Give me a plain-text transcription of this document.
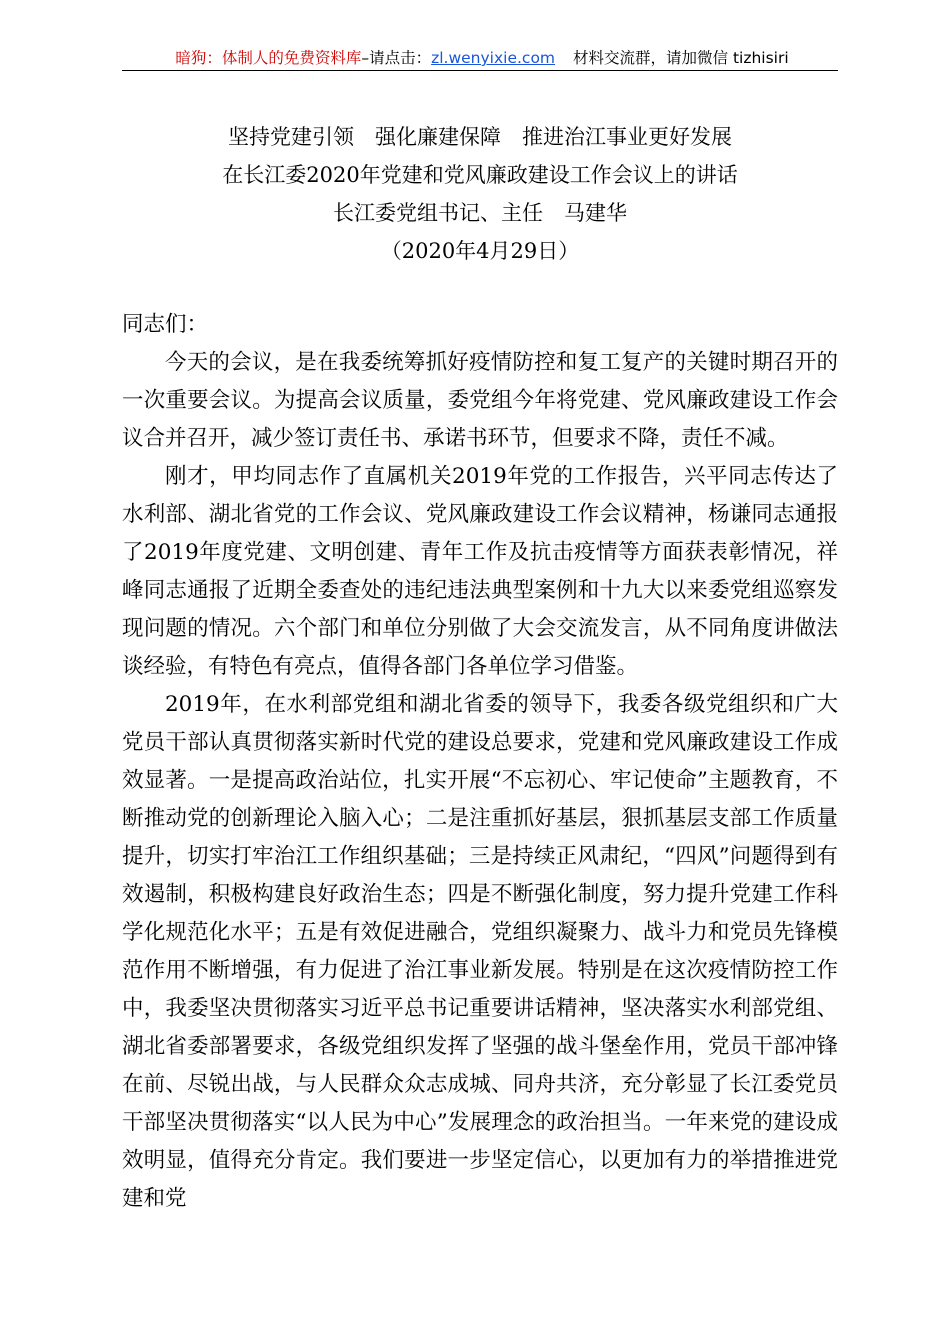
暗狗：体制人的免费资料库–请点击：zl.wenyixie.com 材料交流群，请加微信 tizhisiri
坚持党建引领　强化廉建保障　推进治江事业更好发展
在长江委2020年党建和党风廉政建设工作会议上的讲话
长江委党组书记、主任　马建华
（2020年4月29日）

同志们：

今天的会议，是在我委统筹抓好疫情防控和复工复产的关键时期召开的一次重要会议。为提高会议质量，委党组今年将党建、党风廉政建设工作会议合并召开，减少签订责任书、承诺书环节，但要求不降，责任不减。

刚才，甲均同志作了直属机关2019年党的工作报告，兴平同志传达了水利部、湖北省党的工作会议、党风廉政建设工作会议精神，杨谦同志通报了2019年度党建、文明创建、青年工作及抗击疫情等方面获表彰情况，祥峰同志通报了近期全委查处的违纪违法典型案例和十九大以来委党组巡察发现问题的情况。六个部门和单位分别做了大会交流发言，从不同角度讲做法谈经验，有特色有亮点，值得各部门各单位学习借鉴。

2019年，在水利部党组和湖北省委的领导下，我委各级党组织和广大党员干部认真贯彻落实新时代党的建设总要求，党建和党风廉政建设工作成效显著。一是提高政治站位，扎实开展“不忘初心、牢记使命”主题教育，不断推动党的创新理论入脑入心；二是注重抓好基层，狠抓基层支部工作质量提升，切实打牢治江工作组织基础；三是持续正风肃纪，“四风”问题得到有效遏制，积极构建良好政治生态；四是不断强化制度，努力提升党建工作科学化规范化水平；五是有效促进融合，党组织凝聚力、战斗力和党员先锋模范作用不断增强，有力促进了治江事业新发展。特别是在这次疫情防控工作中，我委坚决贯彻落实习近平总书记重要讲话精神，坚决落实水利部党组、湖北省委部署要求，各级党组织发挥了坚强的战斗堡垒作用，党员干部冲锋在前、尽锐出战，与人民群众众志成城、同舟共济，充分彰显了长江委党员干部坚决贯彻落实“以人民为中心”发展理念的政治担当。一年来党的建设成效明显，值得充分肯定。我们要进一步坚定信心，以更加有力的举措推进党建和党
